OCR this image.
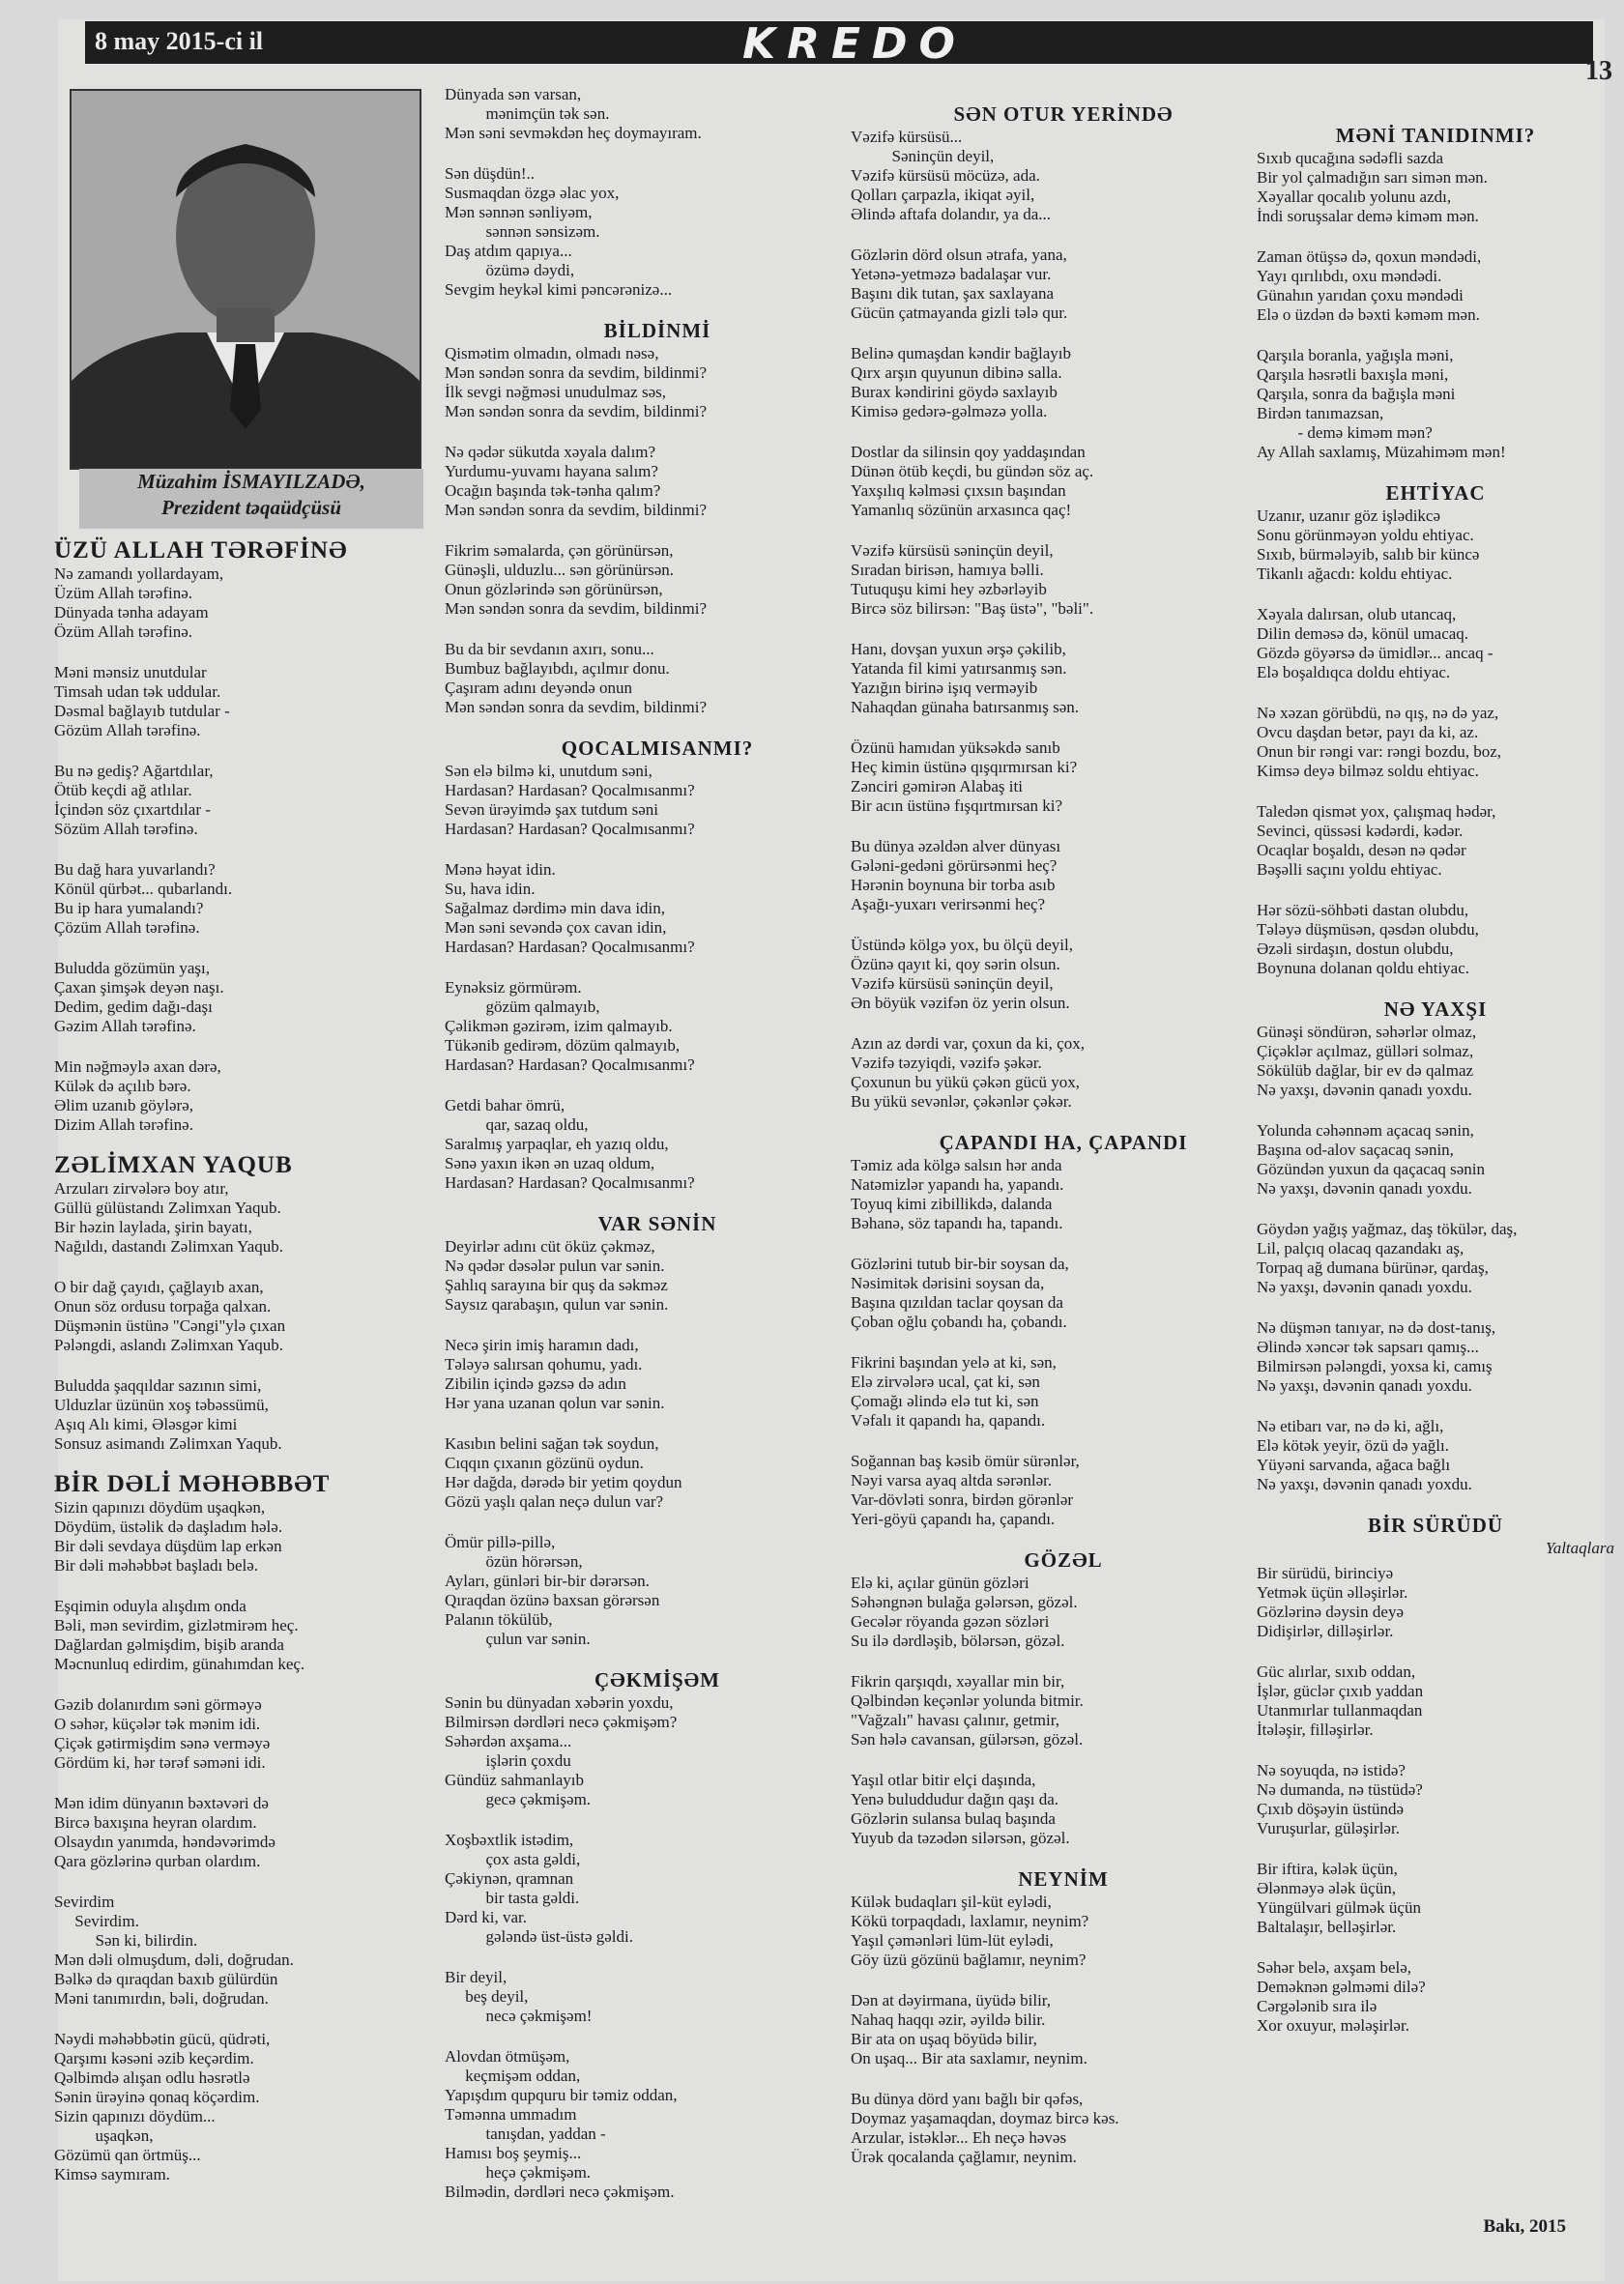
8 may 2015-ci il	KREDO
13
Müzahim İSMAYILZADƏ,
Prezident təqaüdçüsü
ÜZÜ ALLAH TƏRƏFİNƏ
Nə zamandı yollardayam,
Üzüm Allah tərəfinə.
Dünyada tənha adayam
Özüm Allah tərəfinə.
Məni mənsiz unutdular
Timsah udan tək uddular.
Dəsmal bağlayıb tutdular -
Gözüm Allah tərəfinə.
Bu nə gediş? Ağartdılar,
Ötüb keçdi ağ atlılar.
İçindən söz çıxartdılar -
Sözüm Allah tərəfinə.
Bu dağ hara yuvarlandı?
Könül qürbət... qubarlandı.
Bu ip hara yumalandı?
Çözüm Allah tərəfinə.
Buludda gözümün yaşı,
Çaxan şimşək deyən naşı.
Dedim, gedim dağı-daşı
Gəzim Allah tərəfinə.
Min nəğməylə axan dərə,
Külək də açılıb bərə.
Əlim uzanıb göylərə,
Dizim Allah tərəfinə.
ZƏLİMXAN YAQUB
Arzuları zirvələrə boy atır,
Güllü gülüstandı Zəlimxan Yaqub.
Bir həzin laylada, şirin bayatı,
Nağıldı, dastandı Zəlimxan Yaqub.
O bir dağ çayıdı, çağlayıb axan,
Onun söz ordusu torpağa qalxan.
Düşmənin üstünə "Cəngi"ylə çıxan
Pələngdi, aslandı Zəlimxan Yaqub.
Buludda şaqqıldar sazının simi,
Ulduzlar üzünün xoş təbəssümü,
Aşıq Alı kimi, Ələsgər kimi
Sonsuz asimandı Zəlimxan Yaqub.
BİR DƏLİ MƏHƏBBƏT
Sizin qapınızı döydüm uşaqkən,
Döydüm, üstəlik də daşladım hələ.
Bir dəli sevdaya düşdüm lap erkən
Bir dəli məhəbbət başladı belə.
Eşqimin oduyla alışdım onda
Bəli, mən sevirdim, gizlətmirəm heç.
Dağlardan gəlmişdim, bişib aranda
Məcnunluq edirdim, günahımdan keç.
Gəzib dolanırdım səni görməyə
O səhər, küçələr tək mənim idi.
Çiçək gətirmişdim sənə verməyə
Gördüm ki, hər tərəf səməni idi.
Mən idim dünyanın bəxtəvəri də
Bircə baxışına heyran olardım.
Olsaydın yanımda, həndəvərimdə
Qara gözlərinə qurban olardım.
Sevirdim
Sevirdim.
Sən ki, bilirdin.
Mən dəli olmuşdum, dəli, doğrudan.
Bəlkə də qıraqdan baxıb gülürdün
Məni tanımırdın, bəli, doğrudan.
Nəydi məhəbbətin gücü, qüdrəti,
Qarşımı kəsəni əzib keçərdim.
Qəlbimdə alışan odlu həsrətlə
Sənin ürəyinə qonaq köçərdim.
Sizin qapınızı döydüm...
uşaqkən,
Gözümü qan örtmüş...
Kimsə saymıram.
Dünyada sən varsan,
mənimçün tək sən.
Mən səni sevməkdən heç doymayıram.
Sən düşdün!..
Susmaqdan özgə əlac yox,
Mən sənnən sənliyəm,
sənnən sənsizəm.
Daş atdım qapıya...
özümə dəydi,
Sevgim heykəl kimi pəncərənizə...
BİLDİNMİ
Qismətim olmadın, olmadı nəsə,
Mən səndən sonra da sevdim, bildinmi?
İlk sevgi nəğməsi unudulmaz səs,
Mən səndən sonra da sevdim, bildinmi?
Nə qədər sükutda xəyala dalım?
Yurdumu-yuvamı hayana salım?
Ocağın başında tək-tənha qalım?
Mən səndən sonra da sevdim, bildinmi?
Fikrim səmalarda, çən görünürsən,
Günəşli, ulduzlu... sən görünürsən.
Onun gözlərində sən görünürsən,
Mən səndən sonra da sevdim, bildinmi?
Bu da bir sevdanın axırı, sonu...
Bumbuz bağlayıbdı, açılmır donu.
Çaşıram adını deyəndə onun
Mən səndən sonra da sevdim, bildinmi?
QOCALMISANMI?
Sən elə bilmə ki, unutdum səni,
Hardasan? Hardasan? Qocalmısanmı?
Sevən ürəyimdə şax tutdum səni
Hardasan? Hardasan? Qocalmısanmı?
Mənə həyat idin.
Su, hava idin.
Sağalmaz dərdimə min dava idin,
Mən səni sevəndə çox cavan idin,
Hardasan? Hardasan? Qocalmısanmı?
Eynəksiz görmürəm.
gözüm qalmayıb,
Çəlikmən gəzirəm, izim qalmayıb.
Tükənib gedirəm, dözüm qalmayıb,
Hardasan? Hardasan? Qocalmısanmı?
Getdi bahar ömrü,
qar, sazaq oldu,
Saralmış yarpaqlar, eh yazıq oldu,
Sənə yaxın ikən ən uzaq oldum,
Hardasan? Hardasan? Qocalmısanmı?
VAR SƏNİN
Deyirlər adını cüt öküz çəkməz,
Nə qədər dəsələr pulun var sənin.
Şahlıq sarayına bir quş da səkməz
Saysız qarabaşın, qulun var sənin.
Necə şirin imiş haramın dadı,
Tələyə salırsan qohumu, yadı.
Zibilin içində gəzsə də adın
Hər yana uzanan qolun var sənin.
Kasıbın belini sağan tək soydun,
Cıqqın çıxanın gözünü oydun.
Hər dağda, dərədə bir yetim qoydun
Gözü yaşlı qalan neçə dulun var?
Ömür pillə-pillə,
özün hörərsən,
Ayları, günləri bir-bir dərərsən.
Qıraqdan özünə baxsan görərsən
Palanın tökülüb,
çulun var sənin.
ÇƏKMİŞƏM
Sənin bu dünyadan xəbərin yoxdu,
Bilmirsən dərdləri necə çəkmişəm?
Səhərdən axşama...
işlərin çoxdu
Gündüz sahmanlayıb
gecə çəkmişəm.
Xoşbəxtlik istədim,
çox asta gəldi,
Çəkiynən, qramnan
bir tasta gəldi.
Dərd ki, var.
gələndə üst-üstə gəldi.
Bir deyil,
beş deyil,
necə çəkmişəm!
Alovdan ötmüşəm,
keçmişəm oddan,
Yapışdım qupquru bir təmiz oddan,
Təmənna ummadım
tanışdan, yaddan -
Hamısı boş şeymiş...
heçə çəkmişəm.
Bilmədin, dərdləri necə çəkmişəm.
SƏN OTUR YERİNDƏ
Vəzifə kürsüsü...
Səninçün deyil,
Vəzifə kürsüsü möcüzə, ada.
Qolları çarpazla, ikiqat əyil,
Əlində aftafa dolandır, ya da...
Gözlərin dörd olsun ətrafa, yana,
Yetənə-yetməzə badalaşar vur.
Başını dik tutan, şax saxlayana
Gücün çatmayanda gizli tələ qur.
Belinə qumaşdan kəndir bağlayıb
Qırx arşın quyunun dibinə salla.
Burax kəndirini göydə saxlayıb
Kimisə gedərə-gəlməzə yolla.
Dostlar da silinsin qoy yaddaşından
Dünən ötüb keçdi, bu gündən söz aç.
Yaxşılıq kəlməsi çıxsın başından
Yamanlıq sözünün arxasınca qaç!
Vəzifə kürsüsü səninçün deyil,
Sıradan birisən, hamıya bəlli.
Tutuquşu kimi hey əzbərləyib
Bircə söz bilirsən: "Baş üstə", "bəli".
Hanı, dovşan yuxun ərşə çəkilib,
Yatanda fil kimi yatırsanmış sən.
Yazığın birinə işıq verməyib
Nahaqdan günaha batırsanmış sən.
Özünü hamıdan yüksəkdə sanıb
Heç kimin üstünə qışqırmırsan ki?
Zənciri gəmirən Alabaş iti
Bir acın üstünə fışqırtmırsan ki?
Bu dünya əzəldən alver dünyası
Gələni-gedəni görürsənmi heç?
Hərənin boynuna bir torba asıb
Aşağı-yuxarı verirsənmi heç?
Üstündə kölgə yox, bu ölçü deyil,
Özünə qayıt ki, qoy sərin olsun.
Vəzifə kürsüsü səninçün deyil,
Ən böyük vəzifən öz yerin olsun.
Azın az dərdi var, çoxun da ki, çox,
Vəzifə təzyiqdi, vəzifə şəkər.
Çoxunun bu yükü çəkən gücü yox,
Bu yükü sevənlər, çəkənlər çəkər.
ÇAPANDI HA, ÇAPANDI
Təmiz ada kölgə salsın hər anda
Natəmizlər yapandı ha, yapandı.
Toyuq kimi zibillikdə, dalanda
Bəhanə, söz tapandı ha, tapandı.
Gözlərini tutub bir-bir soysan da,
Nəsimitək dərisini soysan da,
Başına qızıldan taclar qoysan da
Çoban oğlu çobandı ha, çobandı.
Fikrini başından yelə at ki, sən,
Elə zirvələrə ucal, çat ki, sən
Çomağı əlində elə tut ki, sən
Vəfalı it qapandı ha, qapandı.
Soğannan baş kəsib ömür sürənlər,
Nəyi varsa ayaq altda sərənlər.
Var-dövləti sonra, birdən görənlər
Yeri-göyü çapandı ha, çapandı.
GÖZƏL
Elə ki, açılar günün gözləri
Səhəngnən bulağa gələrsən, gözəl.
Gecələr röyanda gəzən sözləri
Su ilə dərdləşib, bölərsən, gözəl.
Fikrin qarşıqdı, xəyallar min bir,
Qəlbindən keçənlər yolunda bitmir.
"Vağzalı" havası çalınır, getmir,
Sən hələ cavansan, gülərsən, gözəl.
Yaşıl otlar bitir elçi daşında,
Yenə buluddudur dağın qaşı da.
Gözlərin sulansa bulaq başında
Yuyub da təzədən silərsən, gözəl.
NEYNİM
Külək budaqları şil-küt eylədi,
Kökü torpaqdadı, laxlamır, neynim?
Yaşıl çəmənləri lüm-lüt eylədi,
Göy üzü gözünü bağlamır, neynim?
Dən at dəyirmana, üyüdə bilir,
Nahaq haqqı əzir, əyildə bilir.
Bir ata on uşaq böyüdə bilir,
On uşaq... Bir ata saxlamır, neynim.
Bu dünya dörd yanı bağlı bir qəfəs,
Doymaz yaşamaqdan, doymaz bircə kəs.
Arzular, istəklər... Eh neçə həvəs
Ürək qocalanda çağlamır, neynim.
MƏNİ TANIDINMI?
Sıxıb qucağına sədəfli sazda
Bir yol çalmadığın sarı simən mən.
Xəyallar qocalıb yolunu azdı,
İndi soruşsalar demə kiməm mən.
Zaman ötüşsə də, qoxun məndədi,
Yayı qırılıbdı, oxu məndədi.
Günahın yarıdan çoxu məndədi
Elə o üzdən də bəxti kəməm mən.
Qarşıla boranla, yağışla məni,
Qarşıla həsrətli baxışla məni,
Qarşıla, sonra da bağışla məni
Birdən tanımazsan,
- demə kiməm mən?
Ay Allah saxlamış, Müzahiməm mən!
EHTİYAC
Uzanır, uzanır göz işlədikcə
Sonu görünməyən yoldu ehtiyac.
Sıxıb, bürmələyib, salıb bir küncə
Tikanlı ağacdı: koldu ehtiyac.
Xəyala dalırsan, olub utancaq,
Dilin deməsə də, könül umacaq.
Gözdə göyərsə də ümidlər... ancaq -
Elə boşaldıqca doldu ehtiyac.
Nə xəzan görübdü, nə qış, nə də yaz,
Ovcu daşdan betər, payı da ki, az.
Onun bir rəngi var: rəngi bozdu, boz,
Kimsə deyə bilməz soldu ehtiyac.
Taledən qismət yox, çalışmaq hədər,
Sevinci, qüssəsi kədərdi, kədər.
Ocaqlar boşaldı, desən nə qədər
Bəşəlli saçını yoldu ehtiyac.
Hər sözü-söhbəti dastan olubdu,
Tələyə düşmüsən, qəsdən olubdu,
Əzəli sirdaşın, dostun olubdu,
Boynuna dolanan qoldu ehtiyac.
NƏ YAXŞI
Günəşi söndürən, səhərlər olmaz,
Çiçəklər açılmaz, gülləri solmaz,
Sökülüb dağlar, bir ev də qalmaz
Nə yaxşı, dəvənin qanadı yoxdu.
Yolunda cəhənnəm açacaq sənin,
Başına od-alov saçacaq sənin,
Gözündən yuxun da qaçacaq sənin
Nə yaxşı, dəvənin qanadı yoxdu.
Göydən yağış yağmaz, daş tökülər, daş,
Lil, palçıq olacaq qazandakı aş,
Torpaq ağ dumana bürünər, qardaş,
Nə yaxşı, dəvənin qanadı yoxdu.
Nə düşmən tanıyar, nə də dost-tanış,
Əlində xəncər tək sapsarı qamış...
Bilmirsən pələngdi, yoxsa ki, camış
Nə yaxşı, dəvənin qanadı yoxdu.
Nə etibarı var, nə də ki, ağlı,
Elə kötək yeyir, özü də yağlı.
Yüyəni sarvanda, ağaca bağlı
Nə yaxşı, dəvənin qanadı yoxdu.
BİR SÜRÜDÜ
Yaltaqlara
Bir sürüdü, birinciyə
Yetmək üçün əlləşirlər.
Gözlərinə dəysin deyə
Didişirlər, dilləşirlər.
Güc alırlar, sıxıb oddan,
İşlər, güclər çıxıb yaddan
Utanmırlar tullanmaqdan
İtələşir, filləşirlər.
Nə soyuqda, nə istidə?
Nə dumanda, nə tüstüdə?
Çıxıb döşəyin üstündə
Vuruşurlar, güləşirlər.
Bir iftira, kələk üçün,
Ələnməyə ələk üçün,
Yüngülvari gülmək üçün
Baltalaşır, belləşirlər.
Səhər belə, axşam belə,
Deməknən gəlməmi dilə?
Cərgələnib sıra ilə
Xor oxuyur, mələşirlər.
Bakı, 2015
